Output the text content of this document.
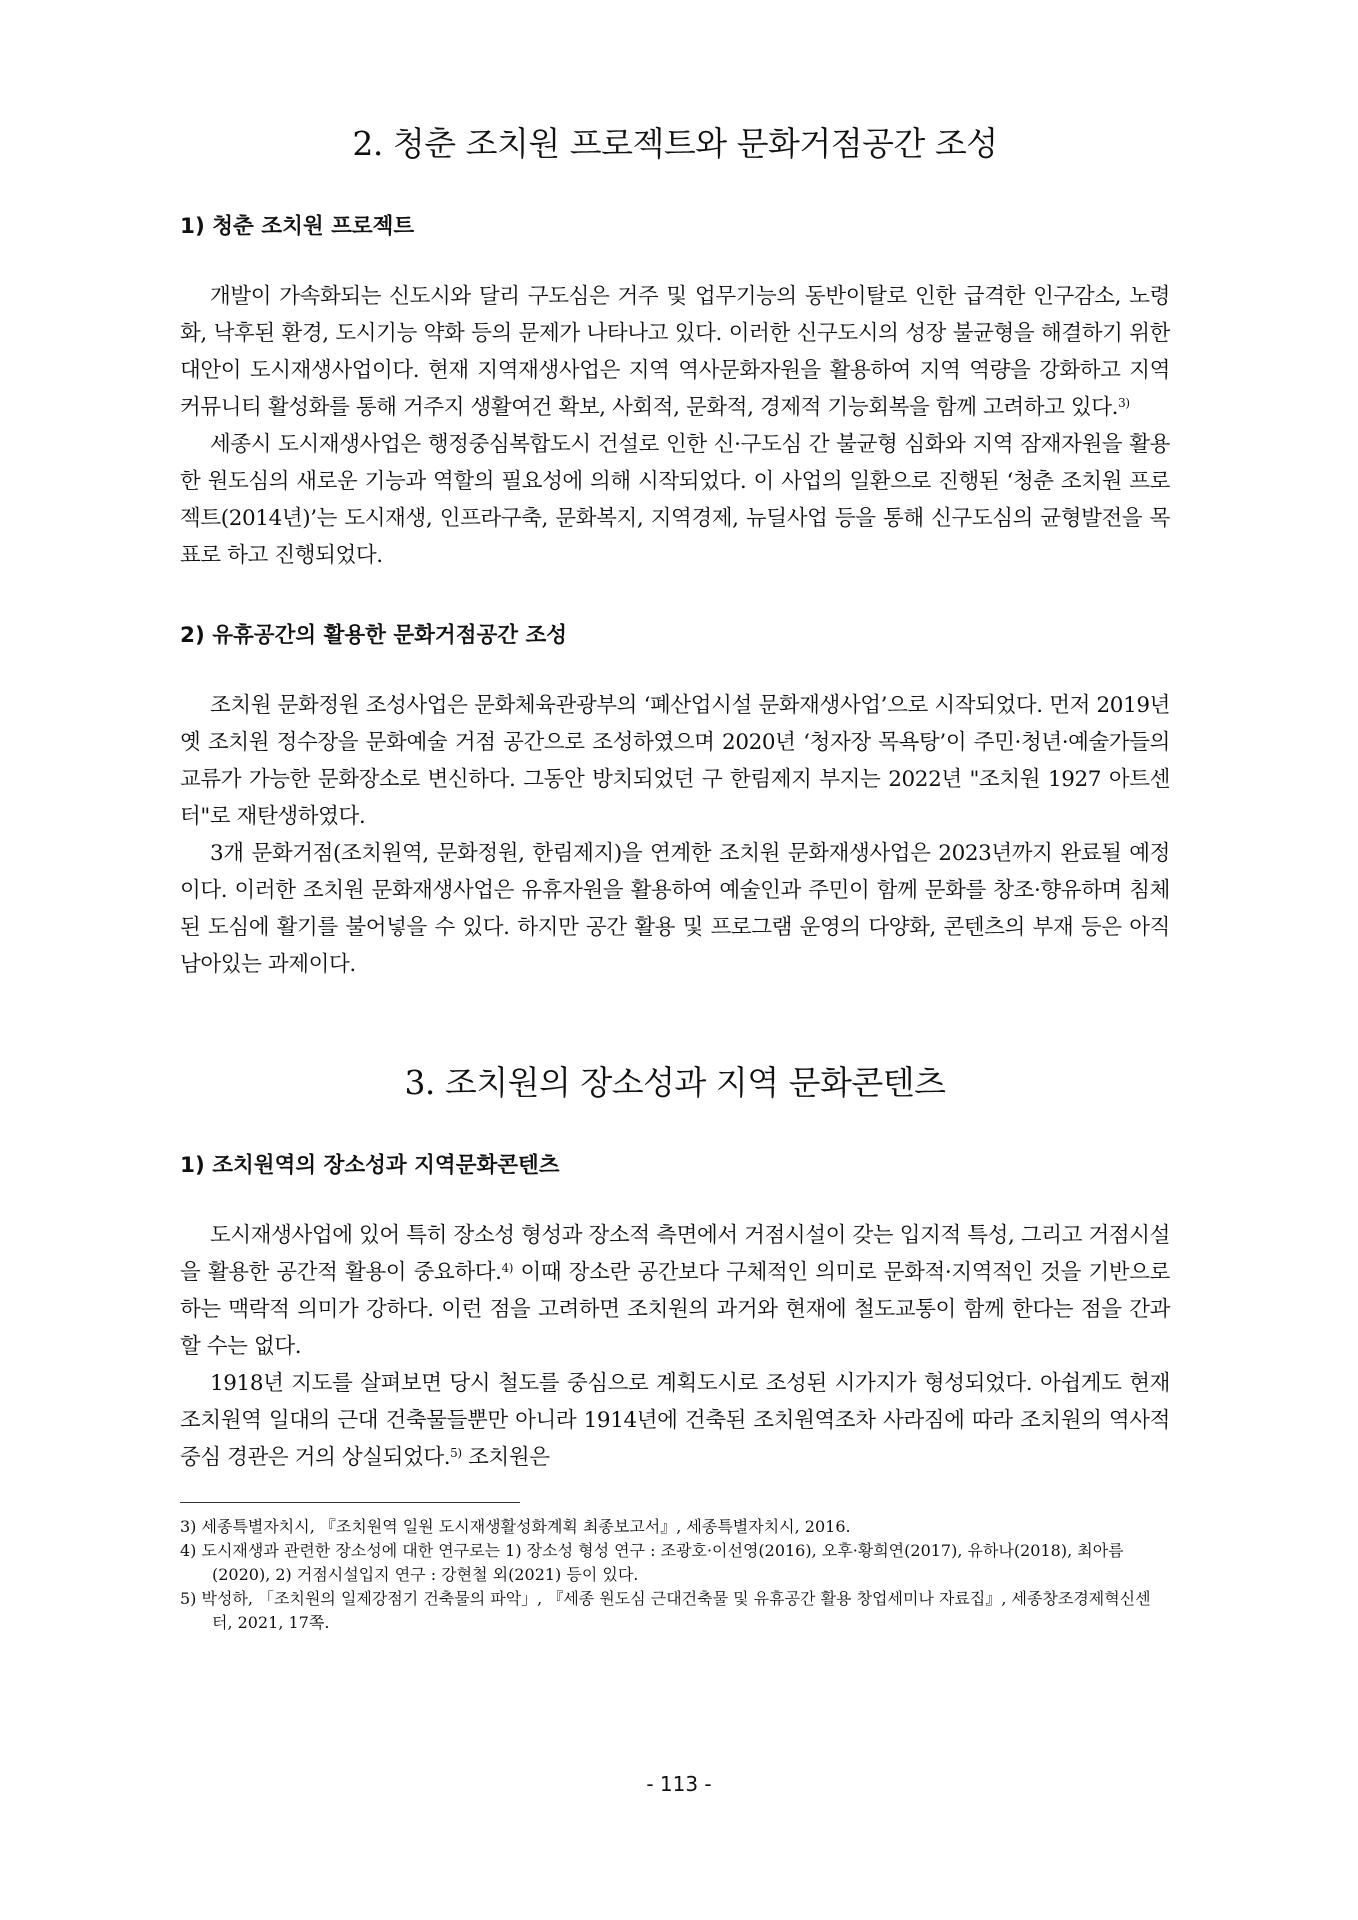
2. 청춘 조치원 프로젝트와 문화거점공간 조성
1) 청춘 조치원 프로젝트

개발이 가속화되는 신도시와 달리 구도심은 거주 및 업무기능의 동반이탈로 인한 급격한 인구감소, 노령화, 낙후된 환경, 도시기능 약화 등의 문제가 나타나고 있다. 이러한 신구도시의 성장 불균형을 해결하기 위한 대안이 도시재생사업이다. 현재 지역재생사업은 지역 역사문화자원을 활용하여 지역 역량을 강화하고 지역 커뮤니티 활성화를 통해 거주지 생활여건 확보, 사회적, 문화적, 경제적 기능회복을 함께 고려하고 있다.$^{3)}$

세종시 도시재생사업은 행정중심복합도시 건설로 인한 신·구도심 간 불균형 심화와 지역 잠재자원을 활용한 원도심의 새로운 기능과 역할의 필요성에 의해 시작되었다. 이 사업의 일환으로 진행된 ‘청춘 조치원 프로젝트(2014년)’는 도시재생, 인프라구축, 문화복지, 지역경제, 뉴딜사업 등을 통해 신구도심의 균형발전을 목표로 하고 진행되었다.

2) 유휴공간의 활용한 문화거점공간 조성

조치원 문화정원 조성사업은 문화체육관광부의 ‘폐산업시설 문화재생사업’으로 시작되었다. 먼저 2019년 옛 조치원 정수장을 문화예술 거점 공간으로 조성하였으며 2020년 ‘청자장 목욕탕’이 주민·청년·예술가들의 교류가 가능한 문화장소로 변신하다. 그동안 방치되었던 구 한림제지 부지는 2022년 "조치원 1927 아트센터"로 재탄생하였다.

3개 문화거점(조치원역, 문화정원, 한림제지)을 연계한 조치원 문화재생사업은 2023년까지 완료될 예정이다. 이러한 조치원 문화재생사업은 유휴자원을 활용하여 예술인과 주민이 함께 문화를 창조·향유하며 침체된 도심에 활기를 불어넣을 수 있다. 하지만 공간 활용 및 프로그램 운영의 다양화, 콘텐츠의 부재 등은 아직 남아있는 과제이다.

3. 조치원의 장소성과 지역 문화콘텐츠
1) 조치원역의 장소성과 지역문화콘텐츠

도시재생사업에 있어 특히 장소성 형성과 장소적 측면에서 거점시설이 갖는 입지적 특성, 그리고 거점시설을 활용한 공간적 활용이 중요하다.$^{4)}$ 이때 장소란 공간보다 구체적인 의미로 문화적·지역적인 것을 기반으로 하는 맥락적 의미가 강하다. 이런 점을 고려하면 조치원의 과거와 현재에 철도교통이 함께 한다는 점을 간과할 수는 없다.

1918년 지도를 살펴보면 당시 철도를 중심으로 계획도시로 조성된 시가지가 형성되었다. 아쉽게도 현재 조치원역 일대의 근대 건축물들뿐만 아니라 1914년에 건축된 조치원역조차 사라짐에 따라 조치원의 역사적 중심 경관은 거의 상실되었다.$^{5)}$ 조치원은

3) 세종특별자치시, 『조치원역 일원 도시재생활성화계획 최종보고서』, 세종특별자치시, 2016.

4) 도시재생과 관련한 장소성에 대한 연구로는 1) 장소성 형성 연구 : 조광호·이선영(2016), 오후·황희연(2017), 유하나(2018), 최아름(2020), 2) 거점시설입지 연구 : 강현철 외(2021) 등이 있다.

5) 박성하, 「조치원의 일제강점기 건축물의 파악」, 『세종 원도심 근대건축물 및 유휴공간 활용 창업세미나 자료집』, 세종창조경제혁신센터, 2021, 17쪽.

- 113 -
